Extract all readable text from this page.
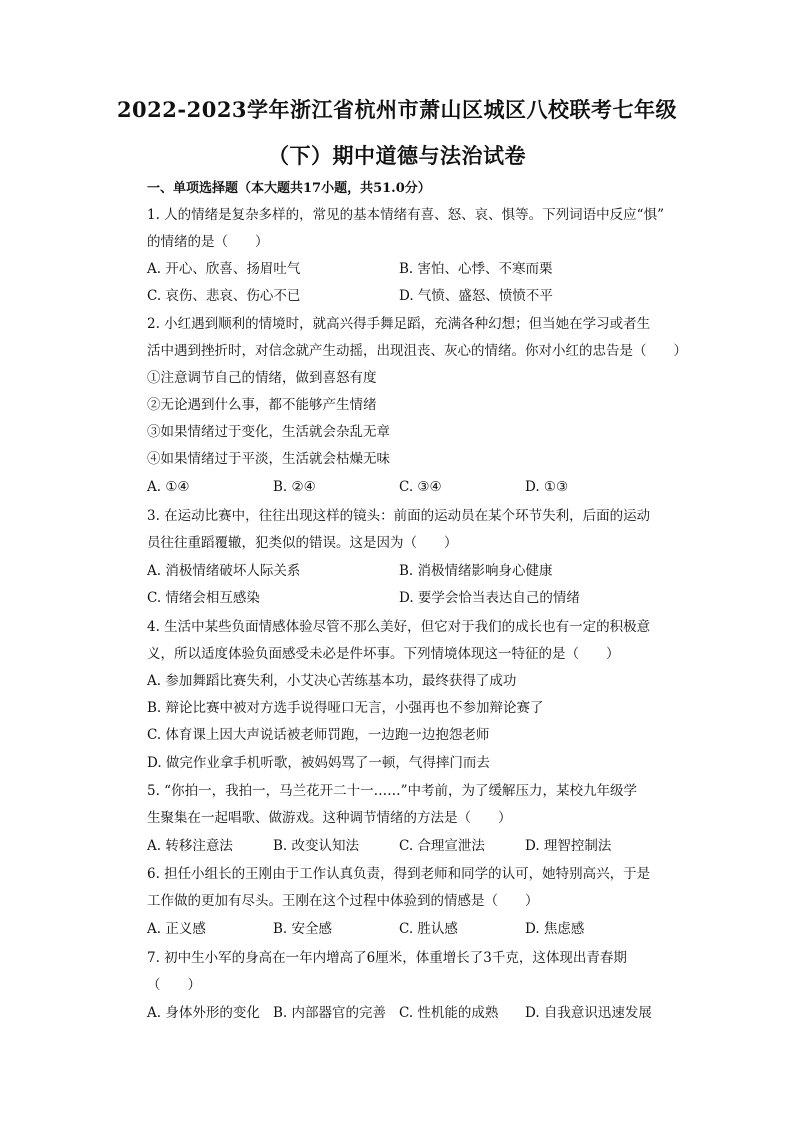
2022-2023学年浙江省杭州市萧山区城区八校联考七年级
（下）期中道德与法治试卷
一、单项选择题（本大题共17小题，共51.0分）
1. 人的情绪是复杂多样的，常见的基本情绪有喜、怒、哀、惧等。下列词语中反应“惧”
的情绪的是（　　）
A. 开心、欣喜、扬眉吐气	B. 害怕、心悸、不寒而栗
C. 哀伤、悲哀、伤心不已	D. 气愤、盛怒、愤愤不平
2. 小红遇到顺利的情境时，就高兴得手舞足蹈，充满各种幻想；但当她在学习或者生
活中遇到挫折时，对信念就产生动摇，出现沮丧、灰心的情绪。你对小红的忠告是（　　）
①注意调节自己的情绪，做到喜怒有度
②无论遇到什么事，都不能够产生情绪
③如果情绪过于变化，生活就会杂乱无章
④如果情绪过于平淡，生活就会枯燥无味
A. ①④	B. ②④	C. ③④	D. ①③
3. 在运动比赛中，往往出现这样的镜头：前面的运动员在某个环节失利，后面的运动
员往往重蹈覆辙，犯类似的错误。这是因为（　　）
A. 消极情绪破坏人际关系	B. 消极情绪影响身心健康
C. 情绪会相互感染	D. 要学会恰当表达自己的情绪
4. 生活中某些负面情感体验尽管不那么美好，但它对于我们的成长也有一定的积极意
义，所以适度体验负面感受未必是件坏事。下列情境体现这一特征的是（　　）
A. 参加舞蹈比赛失利，小艾决心苦练基本功，最终获得了成功
B. 辩论比赛中被对方选手说得哑口无言，小强再也不参加辩论赛了
C. 体育课上因大声说话被老师罚跑，一边跑一边抱怨老师
D. 做完作业拿手机听歌，被妈妈骂了一顿，气得摔门而去
5. “你拍一，我拍一，马兰花开二十一……”中考前，为了缓解压力，某校九年级学
生聚集在一起唱歌、做游戏。这种调节情绪的方法是（　　）
A. 转移注意法	B. 改变认知法	C. 合理宣泄法	D. 理智控制法
6. 担任小组长的王刚由于工作认真负责，得到老师和同学的认可，她特别高兴，于是
工作做的更加有尽头。王刚在这个过程中体验到的情感是（　　）
A. 正义感	B. 安全感	C. 胜认感	D. 焦虑感
7. 初中生小军的身高在一年内增高了6厘米，体重增长了3千克，这体现出青春期
（　　）
A. 身体外形的变化 B. 内部器官的完善 C. 性机能的成熟 D. 自我意识迅速发展
